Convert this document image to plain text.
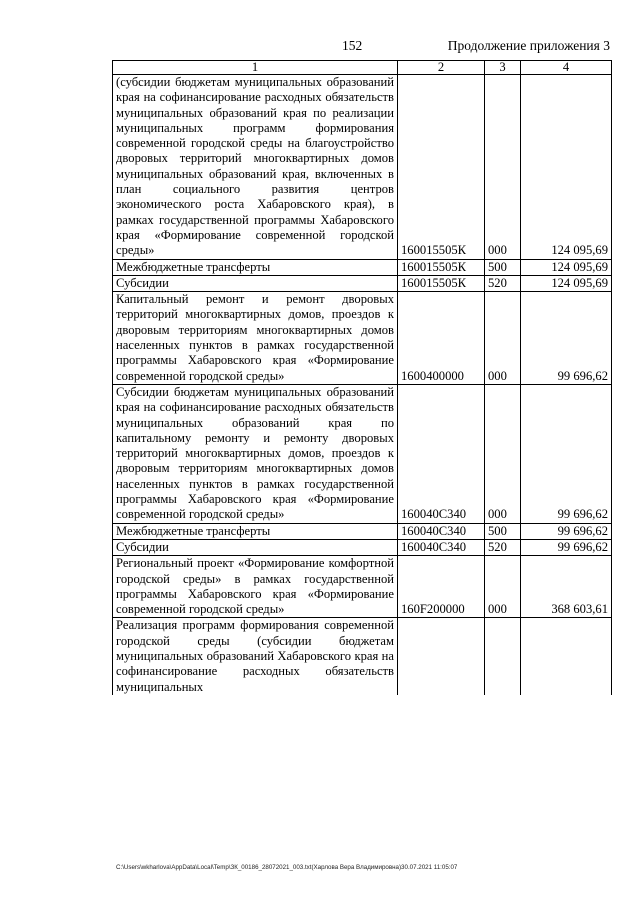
152	Продолжение приложения 3
1	2	3	4
(субсидии бюджетам муниципальных образований края на софинансирование расходных обязательств муниципальных образований края по реализации муниципальных программ формирования современной городской среды на благоустройство дворовых территорий многоквартирных домов муниципальных образований края, включенных в план социального развития центров экономического роста Хабаровского края), в рамках государственной программы Хабаровского края «Формирование современной городской среды»	160015505К	000	124 095,69
Межбюджетные трансферты	160015505К	500	124 095,69
Субсидии	160015505К	520	124 095,69
Капитальный ремонт и ремонт дворовых территорий многоквартирных домов, проездов к дворовым территориям многоквартирных домов населенных пунктов в рамках государственной программы Хабаровского края «Формирование современной городской среды»	1600400000	000	99 696,62
Субсидии бюджетам муниципальных образований края на софинансирование расходных обязательств муниципальных образований края по капитальному ремонту и ремонту дворовых территорий многоквартирных домов, проездов к дворовым территориям многоквартирных домов населенных пунктов в рамках государственной программы Хабаровского края «Формирование современной городской среды»	160040С340	000	99 696,62
Межбюджетные трансферты	160040С340	500	99 696,62
Субсидии	160040С340	520	99 696,62
Региональный проект «Формирование комфортной городской среды» в рамках государственной программы Хабаровского края «Формирование современной городской среды»	160F200000	000	368 603,61
Реализация программ формирования современной городской среды (субсидии бюджетам муниципальных образований Хабаровского края на софинансирование расходных обязательств муниципальных			
C:\Users\wkharlova\AppData\Local\Temp\ЗК_00186_28072021_003.txt(Харлова Вера Владимировна)30.07.2021 11:05:07
